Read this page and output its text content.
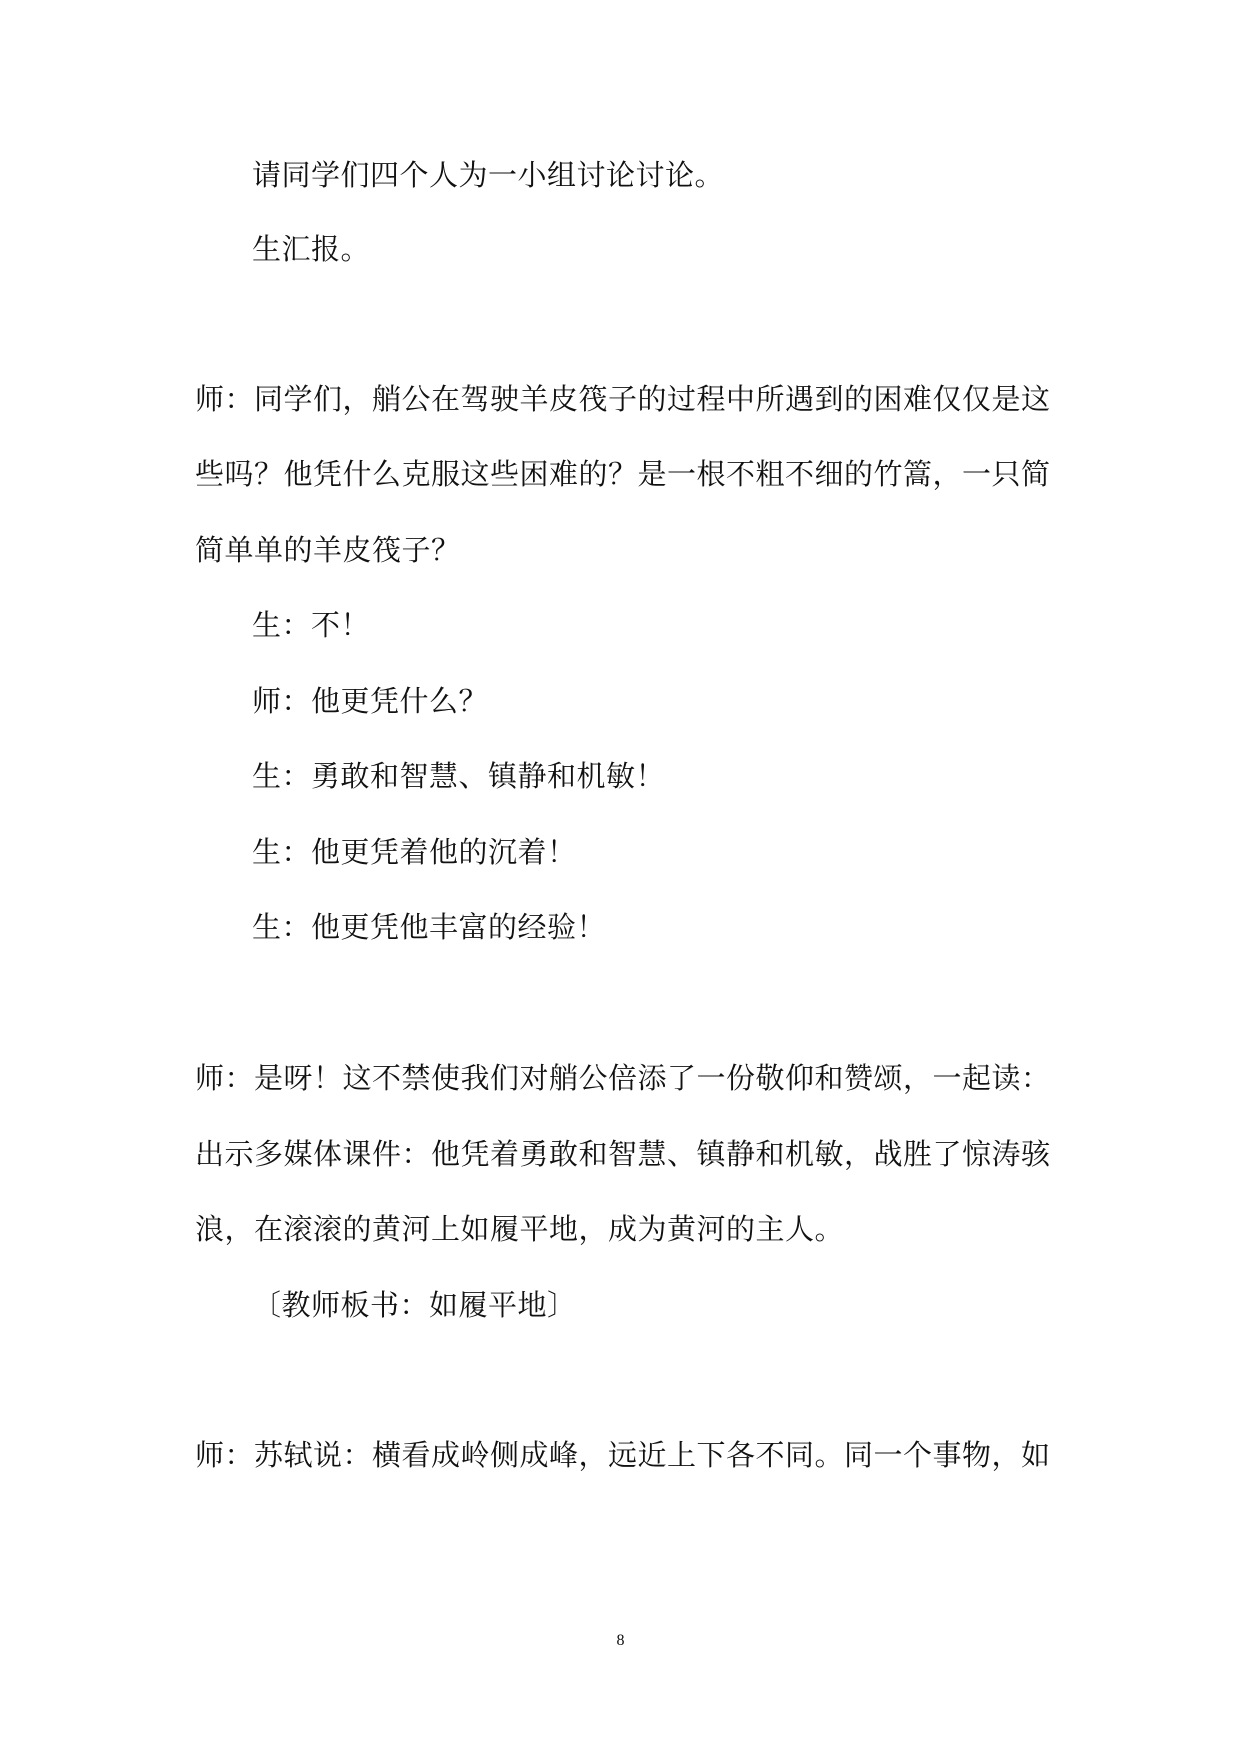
请同学们四个人为一小组讨论讨论。
生汇报。
师：同学们，艄公在驾驶羊皮筏子的过程中所遇到的困难仅仅是这
些吗？他凭什么克服这些困难的？是一根不粗不细的竹篙，一只简
简单单的羊皮筏子？
生：不！
师：他更凭什么？
生：勇敢和智慧、镇静和机敏！
生：他更凭着他的沉着！
生：他更凭他丰富的经验！
师：是呀！这不禁使我们对艄公倍添了一份敬仰和赞颂，一起读：
出示多媒体课件：他凭着勇敢和智慧、镇静和机敏，战胜了惊涛骇
浪，在滚滚的黄河上如履平地，成为黄河的主人。
〔教师板书：如履平地〕
师：苏轼说：横看成岭侧成峰，远近上下各不同。同一个事物，如
8
